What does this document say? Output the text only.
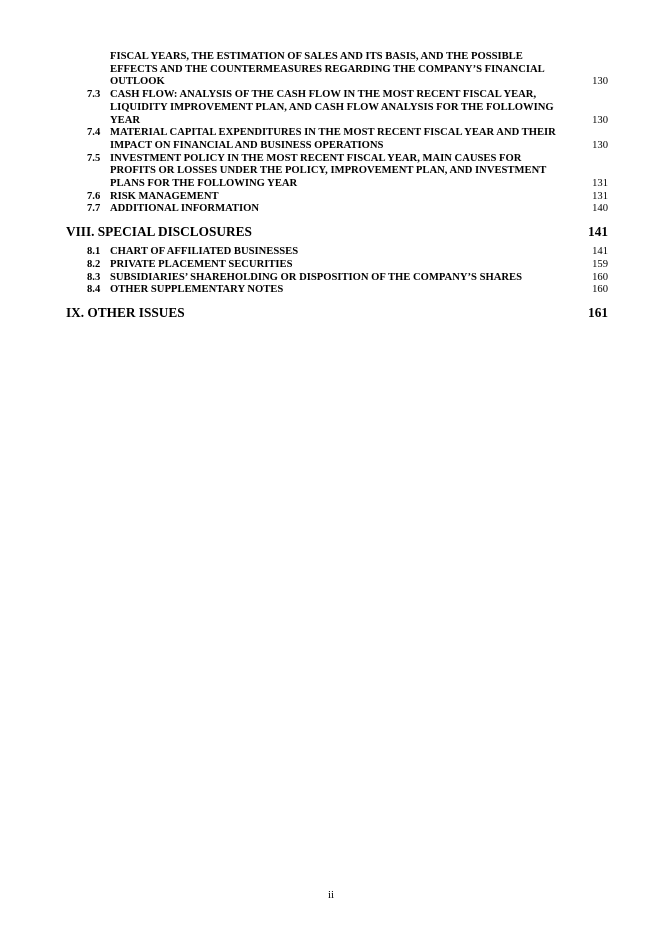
FISCAL YEARS, THE ESTIMATION OF SALES AND ITS BASIS, AND THE POSSIBLE EFFECTS AND THE COUNTERMEASURES REGARDING THE COMPANY’S FINANCIAL OUTLOOK	130
7.3 CASH FLOW: ANALYSIS OF THE CASH FLOW IN THE MOST RECENT FISCAL YEAR, LIQUIDITY IMPROVEMENT PLAN, AND CASH FLOW ANALYSIS FOR THE FOLLOWING YEAR	130
7.4 MATERIAL CAPITAL EXPENDITURES IN THE MOST RECENT FISCAL YEAR AND THEIR IMPACT ON FINANCIAL AND BUSINESS OPERATIONS	130
7.5 INVESTMENT POLICY IN THE MOST RECENT FISCAL YEAR, MAIN CAUSES FOR PROFITS OR LOSSES UNDER THE POLICY, IMPROVEMENT PLAN, AND INVESTMENT PLANS FOR THE FOLLOWING YEAR	131
7.6 RISK MANAGEMENT	131
7.7 ADDITIONAL INFORMATION	140
VIII. SPECIAL DISCLOSURES	141
8.1 CHART OF AFFILIATED BUSINESSES	141
8.2 PRIVATE PLACEMENT SECURITIES	159
8.3 SUBSIDIARIES’ SHAREHOLDING OR DISPOSITION OF THE COMPANY’S SHARES	160
8.4 OTHER SUPPLEMENTARY NOTES	160
IX. OTHER ISSUES	161
ii
